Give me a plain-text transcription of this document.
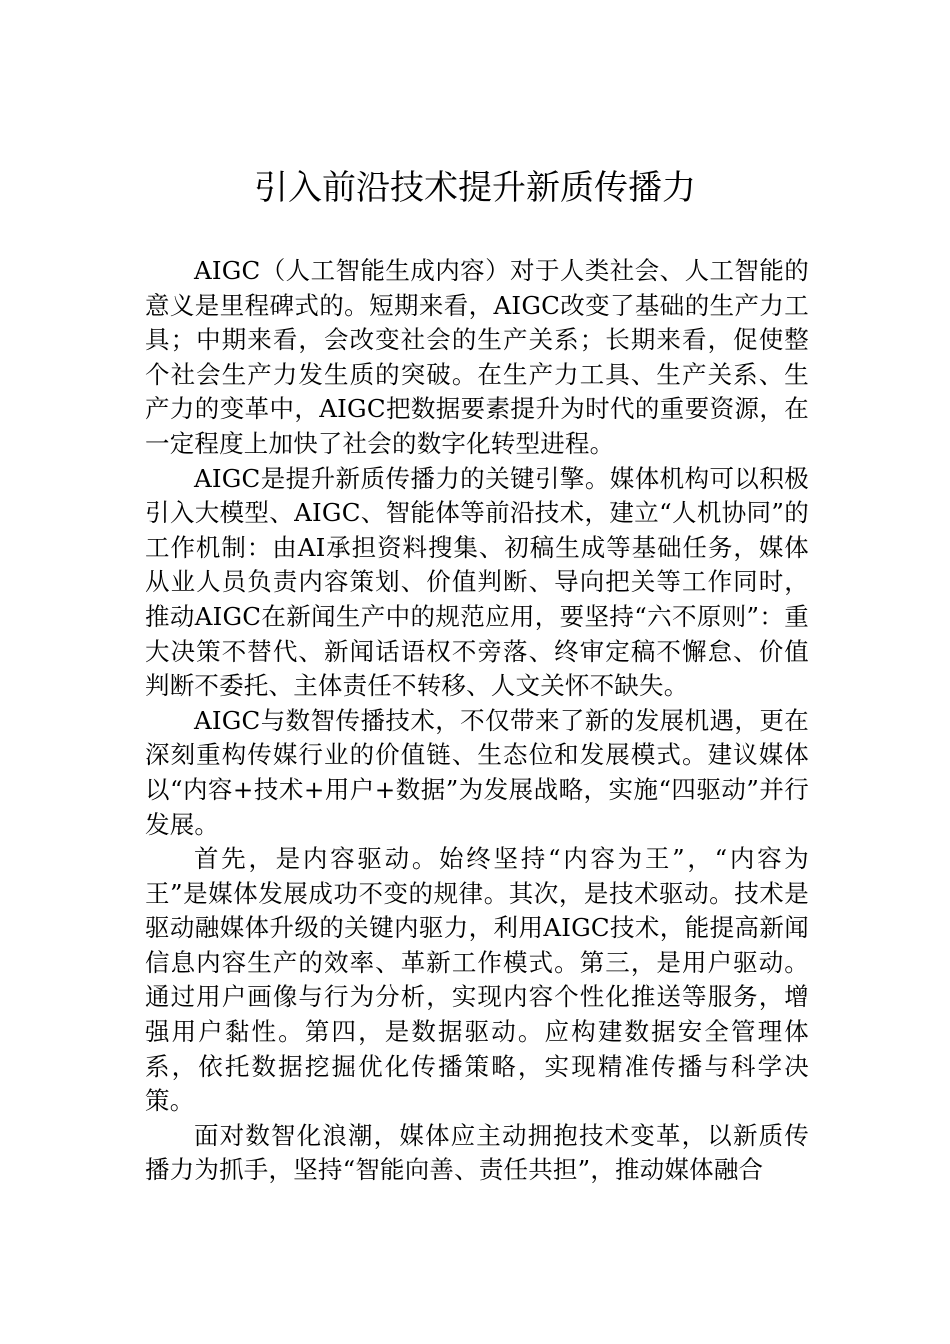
引入前沿技术提升新质传播力

AIGC（人工智能生成内容）对于人类社会、人工智能的意义是里程碑式的。短期来看，AIGC改变了基础的生产力工具；中期来看，会改变社会的生产关系；长期来看，促使整个社会生产力发生质的突破。在生产力工具、生产关系、生产力的变革中，AIGC把数据要素提升为时代的重要资源，在一定程度上加快了社会的数字化转型进程。

AIGC是提升新质传播力的关键引擎。媒体机构可以积极引入大模型、AIGC、智能体等前沿技术，建立“人机协同”的工作机制：由AI承担资料搜集、初稿生成等基础任务，媒体从业人员负责内容策划、价值判断、导向把关等工作同时，推动AIGC在新闻生产中的规范应用，要坚持“六不原则”：重大决策不替代、新闻话语权不旁落、终审定稿不懈怠、价值判断不委托、主体责任不转移、人文关怀不缺失。

AIGC与数智传播技术，不仅带来了新的发展机遇，更在深刻重构传媒行业的价值链、生态位和发展模式。建议媒体以“内容+技术+用户+数据”为发展战略，实施“四驱动”并行发展。

首先，是内容驱动。始终坚持“内容为王”，“内容为王”是媒体发展成功不变的规律。其次，是技术驱动。技术是驱动融媒体升级的关键内驱力，利用AIGC技术，能提高新闻信息内容生产的效率、革新工作模式。第三，是用户驱动。通过用户画像与行为分析，实现内容个性化推送等服务，增强用户黏性。第四，是数据驱动。应构建数据安全管理体系，依托数据挖掘优化传播策略，实现精准传播与科学决策。

面对数智化浪潮，媒体应主动拥抱技术变革，以新质传播力为抓手，坚持“智能向善、责任共担”，推动媒体融合
